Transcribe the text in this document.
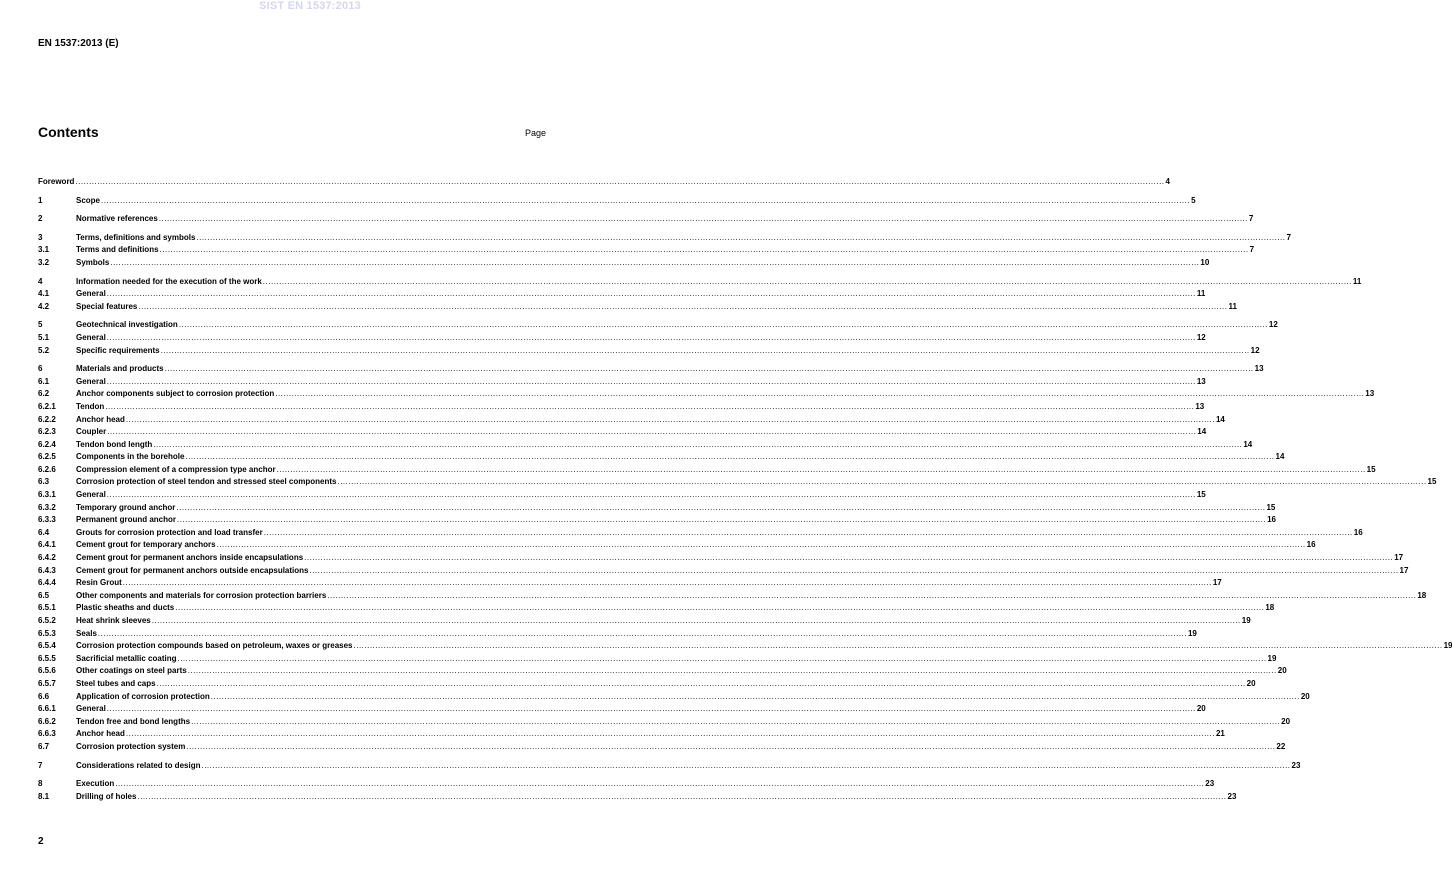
SIST EN 1537:2013
EN 1537:2013 (E)
Contents	Page
Foreword ................................................................................................................................................................................................................................................................................................................................................................................................................ 4
1	Scope ................................................................................................................................................................................................................................................................................................................................................................................................................ 5
2	Normative references ................................................................................................................................................................................................................................................................................................................................................................................................................ 7
3	Terms, definitions and symbols ................................................................................................................................................................................................................................................................................................................................................................................................................ 7
3.1	Terms and definitions ................................................................................................................................................................................................................................................................................................................................................................................................................ 7
3.2	Symbols ................................................................................................................................................................................................................................................................................................................................................................................................................ 10
4	Information needed for the execution of the work ................................................................................................................................................................................................................................................................................................................................................................................................................ 11
4.1	General ................................................................................................................................................................................................................................................................................................................................................................................................................ 11
4.2	Special features ................................................................................................................................................................................................................................................................................................................................................................................................................ 11
5	Geotechnical investigation ................................................................................................................................................................................................................................................................................................................................................................................................................ 12
5.1	General ................................................................................................................................................................................................................................................................................................................................................................................................................ 12
5.2	Specific requirements ................................................................................................................................................................................................................................................................................................................................................................................................................ 12
6	Materials and products ................................................................................................................................................................................................................................................................................................................................................................................................................ 13
6.1	General ................................................................................................................................................................................................................................................................................................................................................................................................................ 13
6.2	Anchor components subject to corrosion protection ................................................................................................................................................................................................................................................................................................................................................................................................................ 13
6.2.1	Tendon ................................................................................................................................................................................................................................................................................................................................................................................................................ 13
6.2.2	Anchor head ................................................................................................................................................................................................................................................................................................................................................................................................................ 14
6.2.3	Coupler ................................................................................................................................................................................................................................................................................................................................................................................................................ 14
6.2.4	Tendon bond length ................................................................................................................................................................................................................................................................................................................................................................................................................ 14
6.2.5	Components in the borehole ................................................................................................................................................................................................................................................................................................................................................................................................................ 14
6.2.6	Compression element of a compression type anchor ................................................................................................................................................................................................................................................................................................................................................................................................................ 15
6.3	Corrosion protection of steel tendon and stressed steel components ................................................................................................................................................................................................................................................................................................................................................................................................................ 15
6.3.1	General ................................................................................................................................................................................................................................................................................................................................................................................................................ 15
6.3.2	Temporary ground anchor ................................................................................................................................................................................................................................................................................................................................................................................................................ 15
6.3.3	Permanent ground anchor ................................................................................................................................................................................................................................................................................................................................................................................................................ 16
6.4	Grouts for corrosion protection and load transfer ................................................................................................................................................................................................................................................................................................................................................................................................................ 16
6.4.1	Cement grout for temporary anchors ................................................................................................................................................................................................................................................................................................................................................................................................................ 16
6.4.2	Cement grout for permanent anchors inside encapsulations ................................................................................................................................................................................................................................................................................................................................................................................................................ 17
6.4.3	Cement grout for permanent anchors outside encapsulations ................................................................................................................................................................................................................................................................................................................................................................................................................ 17
6.4.4	Resin Grout ................................................................................................................................................................................................................................................................................................................................................................................................................ 17
6.5	Other components and materials for corrosion protection barriers ................................................................................................................................................................................................................................................................................................................................................................................................................ 18
6.5.1	Plastic sheaths and ducts ................................................................................................................................................................................................................................................................................................................................................................................................................ 18
6.5.2	Heat shrink sleeves ................................................................................................................................................................................................................................................................................................................................................................................................................ 19
6.5.3	Seals ................................................................................................................................................................................................................................................................................................................................................................................................................ 19
6.5.4	Corrosion protection compounds based on petroleum, waxes or greases ................................................................................................................................................................................................................................................................................................................................................................................................................ 19
6.5.5	Sacrificial metallic coating ................................................................................................................................................................................................................................................................................................................................................................................................................ 19
6.5.6	Other coatings on steel parts ................................................................................................................................................................................................................................................................................................................................................................................................................ 20
6.5.7	Steel tubes and caps ................................................................................................................................................................................................................................................................................................................................................................................................................ 20
6.6	Application of corrosion protection ................................................................................................................................................................................................................................................................................................................................................................................................................ 20
6.6.1	General ................................................................................................................................................................................................................................................................................................................................................................................................................ 20
6.6.2	Tendon free and bond lengths ................................................................................................................................................................................................................................................................................................................................................................................................................ 20
6.6.3	Anchor head ................................................................................................................................................................................................................................................................................................................................................................................................................ 21
6.7	Corrosion protection system ................................................................................................................................................................................................................................................................................................................................................................................................................ 22
7	Considerations related to design ................................................................................................................................................................................................................................................................................................................................................................................................................ 23
8	Execution ................................................................................................................................................................................................................................................................................................................................................................................................................ 23
8.1	Drilling of holes ................................................................................................................................................................................................................................................................................................................................................................................................................ 23
2
